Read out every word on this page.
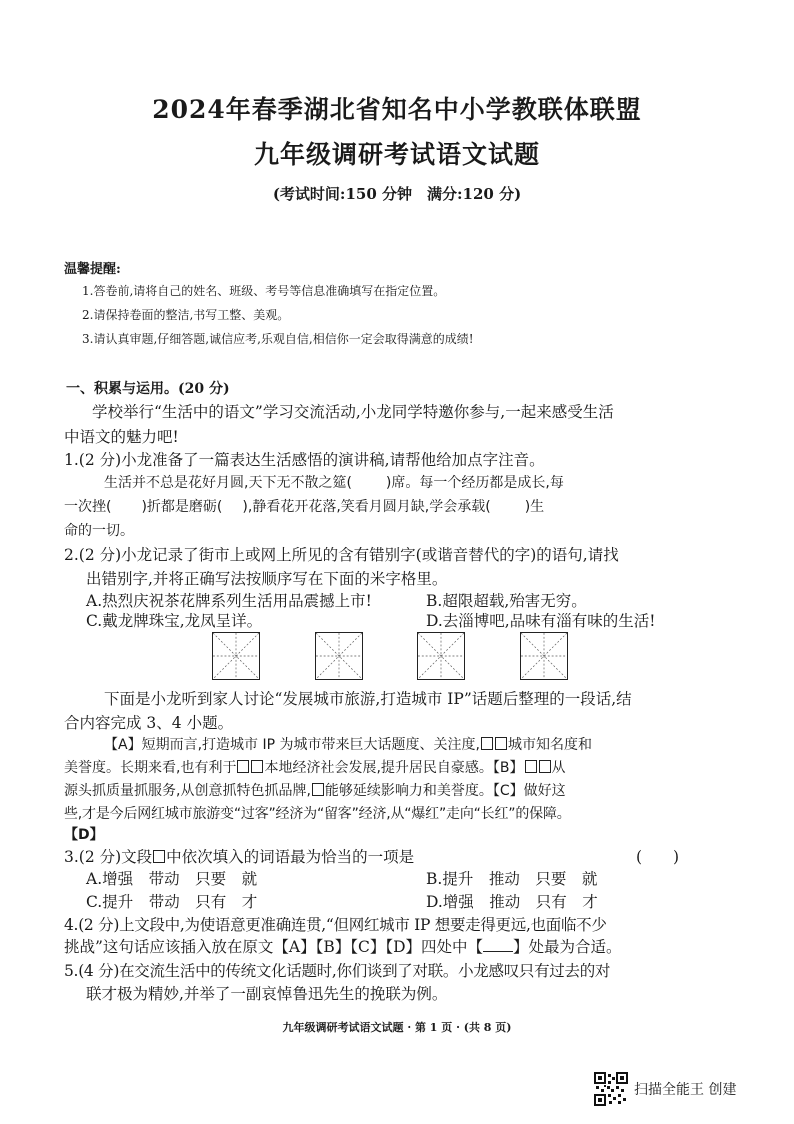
2024年春季湖北省知名中小学教联体联盟
九年级调研考试语文试题
(考试时间:150 分钟　满分:120 分)
温馨提醒:
1.答卷前,请将自己的姓名、班级、考号等信息准确填写在指定位置。
2.请保持卷面的整洁,书写工整、美观。
3.请认真审题,仔细答题,诚信应考,乐观自信,相信你一定会取得满意的成绩!
一、积累与运用。(20 分)
学校举行“生活中的语文”学习交流活动,小龙同学特邀你参与,一起来感受生活
中语文的魅力吧!
1.(2 分)小龙准备了一篇表达生活感悟的演讲稿,请帮他给加点字注音。
生活并不总是花好月圆,天下无不散之筵( )席。每一个经历都是成长,每
一次挫( )折都是磨砺( ),静看花开花落,笑看月圆月缺,学会承载( )生
命的一切。
2.(2 分)小龙记录了街市上或网上所见的含有错别字(或谐音替代的字)的语句,请找
出错别字,并将正确写法按顺序写在下面的米字格里。
A.热烈庆祝茶花牌系列生活用品震撼上市!	B.超限超载,殆害无穷。
C.戴龙牌珠宝,龙凤呈详。	D.去淄博吧,品味有淄有味的生活!
下面是小龙听到家人讨论“发展城市旅游,打造城市 IP”话题后整理的一段话,结
合内容完成 3、4 小题。
【A】短期而言,打造城市 IP 为城市带来巨大话题度、关注度, 城市知名度和
美誉度。长期来看,也有利于 本地经济社会发展,提升居民自豪感。【B】 从
源头抓质量抓服务,从创意抓特色抓品牌, 能够延续影响力和美誉度。【C】做好这
些,才是今后网红城市旅游变“过客”经济为“留客”经济,从“爆红”走向“长红”的保障。
【D】
3.(2 分)文段 中依次填入的词语最为恰当的一项是	(　　)
A.增强　带动　只要　就	B.提升　推动　只要　就
C.提升　带动　只有　才	D.增强　推动　只有　才
4.(2 分)上文段中,为使语意更准确连贯,“但网红城市 IP 想要走得更远,也面临不少
挑战”这句话应该插入放在原文【A】【B】【C】【D】四处中【 】处最为合适。
5.(4 分)在交流生活中的传统文化话题时,你们谈到了对联。小龙感叹只有过去的对
联才极为精妙,并举了一副哀悼鲁迅先生的挽联为例。
九年级调研考试语文试题 · 第 1 页 · (共 8 页)
扫描全能王 创建
